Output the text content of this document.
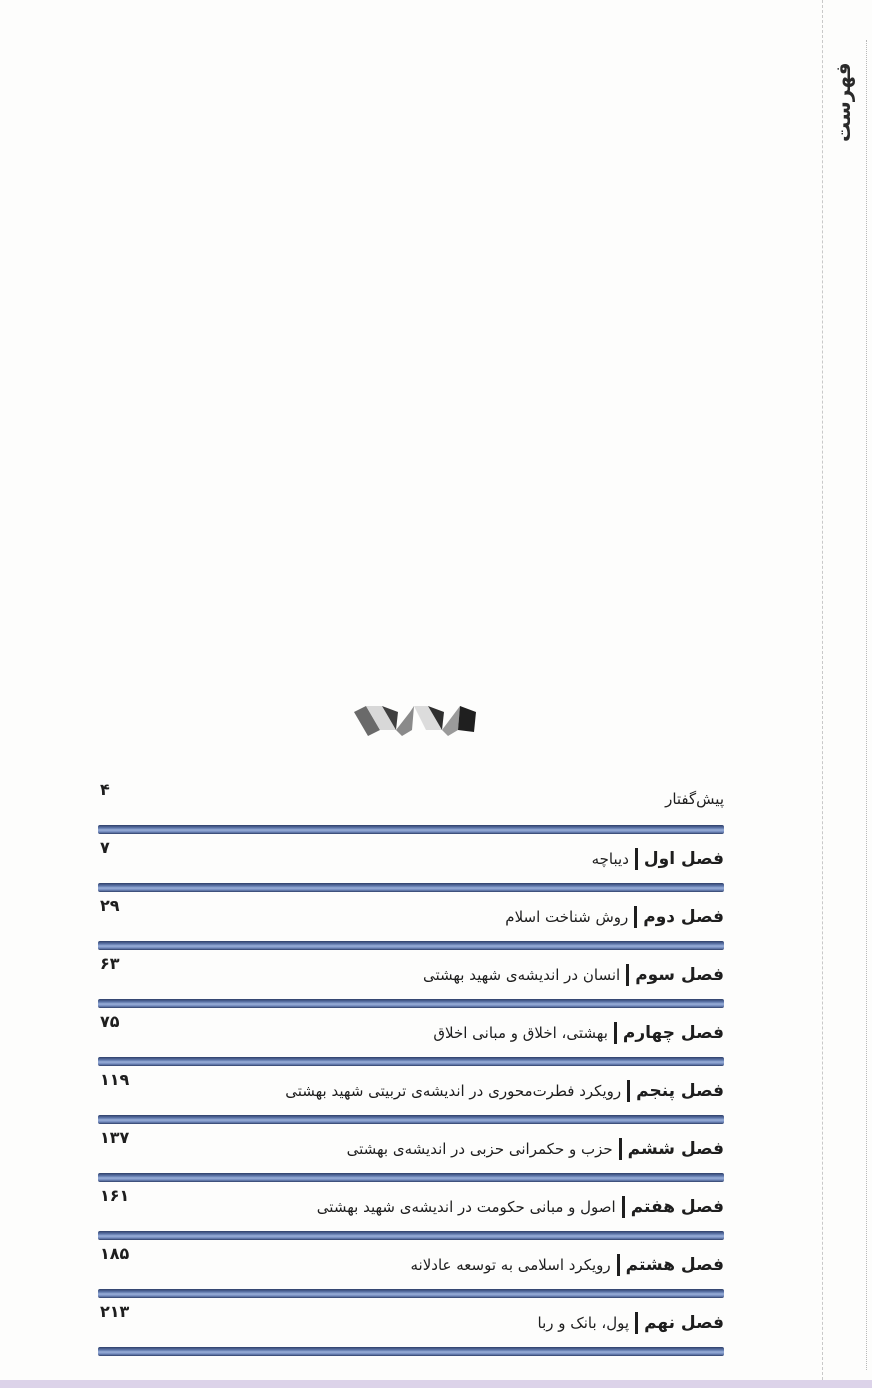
فهرست
پیش‌گفتار
۴
فصل اول
دیباچه
۷
فصل دوم
روش شناخت اسلام
۲۹
فصل سوم
انسان در اندیشه‌ی شهید بهشتی
۶۳
فصل چهارم
بهشتی، اخلاق و مبانی اخلاق
۷۵
فصل پنجم
رویکرد فطرت‌محوری در اندیشه‌ی تربیتی شهید بهشتی
۱۱۹
فصل ششم
حزب و حکمرانی حزبی در اندیشه‌ی بهشتی
۱۳۷
فصل هفتم
اصول و مبانی حکومت در اندیشه‌ی شهید بهشتی
۱۶۱
فصل هشتم
رویکرد اسلامی به توسعه عادلانه
۱۸۵
فصل نهم
پول، بانک و ربا
۲۱۳
